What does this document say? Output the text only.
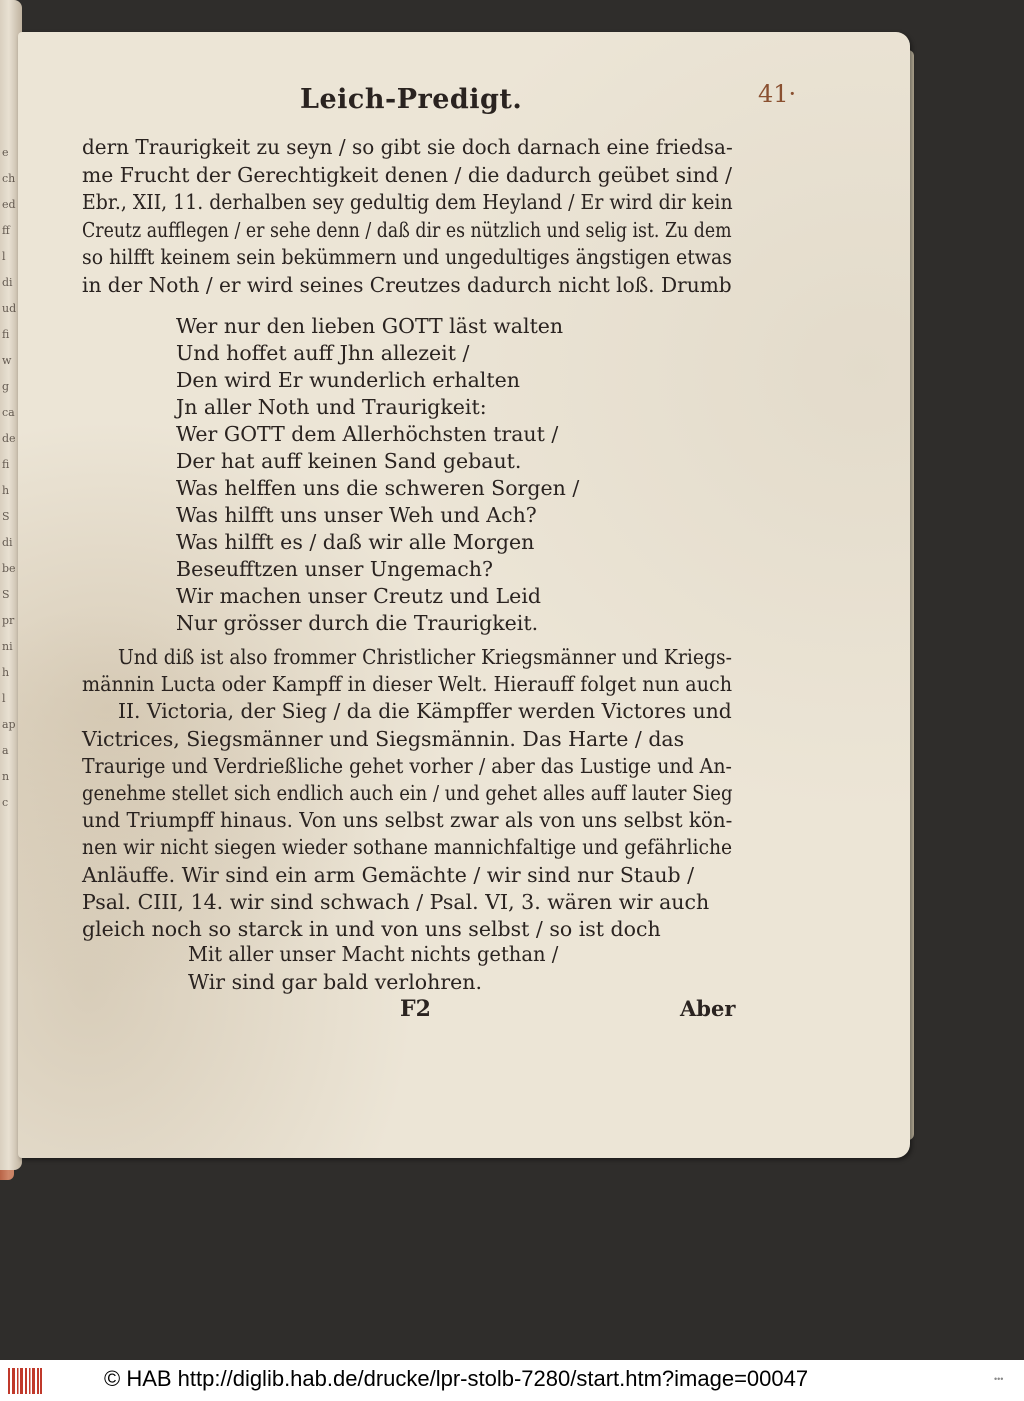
e
ch
ed
ff
l
di
ud
fi
w
g
ca
de
fi
h
S
di
be
S
pr
ni
h
l
ap
a
n
c

Leich-Predigt.	41·
dern Traurigkeit zu seyn / so gibt sie doch darnach eine friedsa-
me Frucht der Gerechtigkeit denen / die dadurch geübet sind /
Ebr., XII, 11. derhalben sey gedultig dem Heyland / Er wird dir kein
Creutz aufflegen / er sehe denn / daß dir es nützlich und selig ist. Zu dem
so hilfft keinem sein bekümmern und ungedultiges ängstigen etwas
in der Noth / er wird seines Creutzes dadurch nicht loß. Drumb
Wer nur den lieben GOTT läst walten
Und hoffet auff Jhn allezeit /
Den wird Er wunderlich erhalten
Jn aller Noth und Traurigkeit:
Wer GOTT dem Allerhöchsten traut /
Der hat auff keinen Sand gebaut.
Was helffen uns die schweren Sorgen /
Was hilfft uns unser Weh und Ach?
Was hilfft es / daß wir alle Morgen
Beseufftzen unser Ungemach?
Wir machen unser Creutz und Leid
Nur grösser durch die Traurigkeit.
Und diß ist also frommer Christlicher Kriegsmänner und Kriegs-
männin Lucta oder Kampff in dieser Welt. Hierauff folget nun auch
II. Victoria, der Sieg / da die Kämpffer werden Victores und
Victrices, Siegsmänner und Siegsmännin. Das Harte / das
Traurige und Verdrießliche gehet vorher / aber das Lustige und An-
genehme stellet sich endlich auch ein / und gehet alles auff lauter Sieg
und Triumpff hinaus. Von uns selbst zwar als von uns selbst kön-
nen wir nicht siegen wieder sothane mannichfaltige und gefährliche
Anläuffe. Wir sind ein arm Gemächte / wir sind nur Staub /
Psal. CIII, 14. wir sind schwach / Psal. VI, 3. wären wir auch
gleich noch so starck in und von uns selbst / so ist doch
Mit aller unser Macht nichts gethan /
Wir sind gar bald verlohren.
F2	Aber
© HAB http://diglib.hab.de/drucke/lpr-stolb-7280/start.htm?image=00047	•••
